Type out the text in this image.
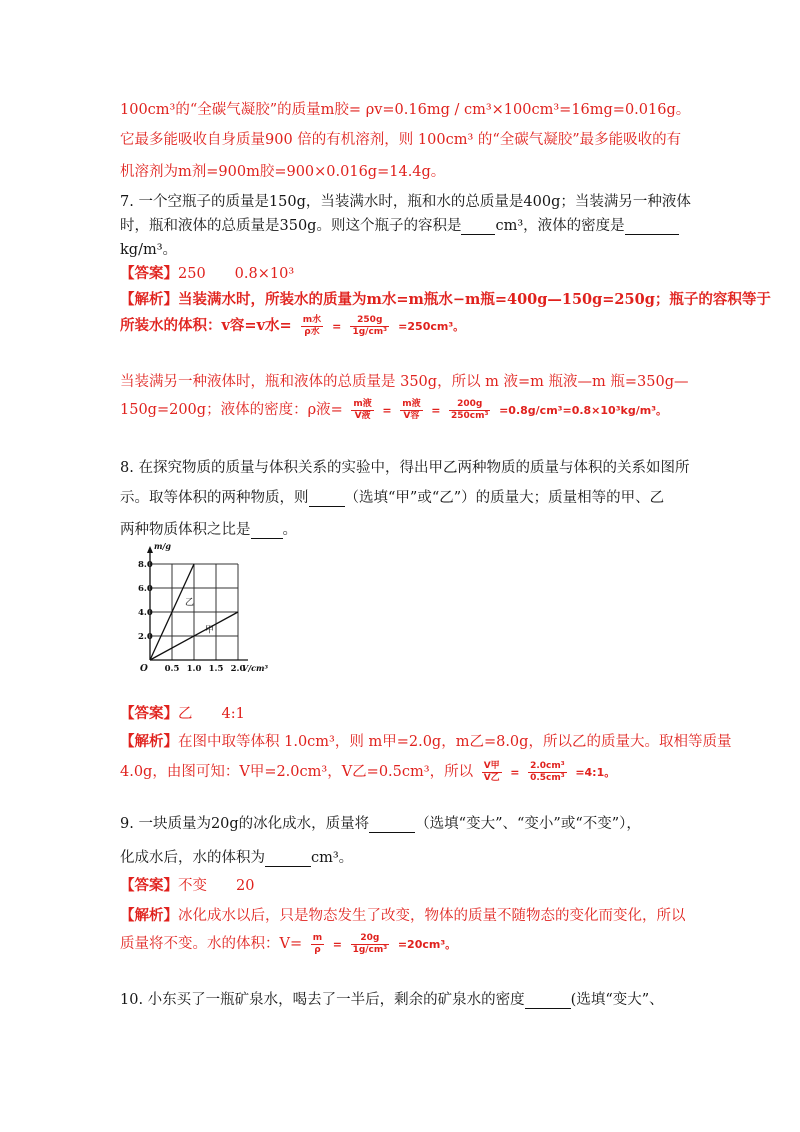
100cm³的“全碳气凝胶”的质量m胶= ρv=0.16mg / cm³×100cm³=16mg=0.016g。
它最多能吸收自身质量900 倍的有机溶剂，则 100cm³ 的“全碳气凝胶”最多能吸收的有
机溶剂为m剂=900m胶=900×0.016g=14.4g。
7. 一个空瓶子的质量是150g，当装满水时，瓶和水的总质量是400g；当装满另一种液体
时，瓶和液体的总质量是350g。则这个瓶子的容积是 cm³，液体的密度是
kg/m³。
【答案】250　　0.8×10³
【解析】当装满水时，所装水的质量为m水=m瓶水−m瓶=400g—150g=250g；瓶子的容积等于
所装水的体积：v容=v水= $\frac{\text{m水}}{\text{ρ水}} = \frac{250g}{\text{1g/cm³}} =250cm^3$。
当装满另一种液体时，瓶和液体的总质量是 350g，所以 m 液=m 瓶液—m 瓶=350g—
150g=200g；液体的密度：ρ液= $\frac{\text{m液}}{\text{V液}} = \frac{\text{m液}}{\text{V容}} = \frac{200g}{\text{250cm³}} =0.8g/cm^3=0.8\times 10^3kg/m^3$。
8. 在探究物质的质量与体积关系的实验中，得出甲乙两种物质的质量与体积的关系如图所
示。取等体积的两种物质，则 （选填“甲”或“乙”）的质量大；质量相等的甲、乙
两种物质体积之比是 。
乙
甲
0.5 1.0 1.5 2.0
2.0
4.0
6.0
8.0
O	V/cm³
m/g
【答案】乙　　4:1
【解析】在图中取等体积 1.0cm³，则 m甲=2.0g，m乙=8.0g，所以乙的质量大。取相等质量
4.0g，由图可知：V甲=2.0cm³，V乙=0.5cm³，所以 $\frac{\text{V甲}}{\text{V乙}} = \frac{\text{2.0cm³}}{\text{0.5cm³}}$ =4:1。
9. 一块质量为20g的冰化成水，质量将	（选填“变大”、“变小”或“不变”），
化成水后，水的体积为	cm³。
【答案】不变　　20
【解析】冰化成水以后，只是物态发生了改变，物体的质量不随物态的变化而变化，所以
质量将不变。水的体积：$V= \frac{m}{\rho} = \frac{20g}{\text{1g/cm³}} =20cm^3$。
10. 小东买了一瓶矿泉水，喝去了一半后，剩余的矿泉水的密度	(选填“变大”、
